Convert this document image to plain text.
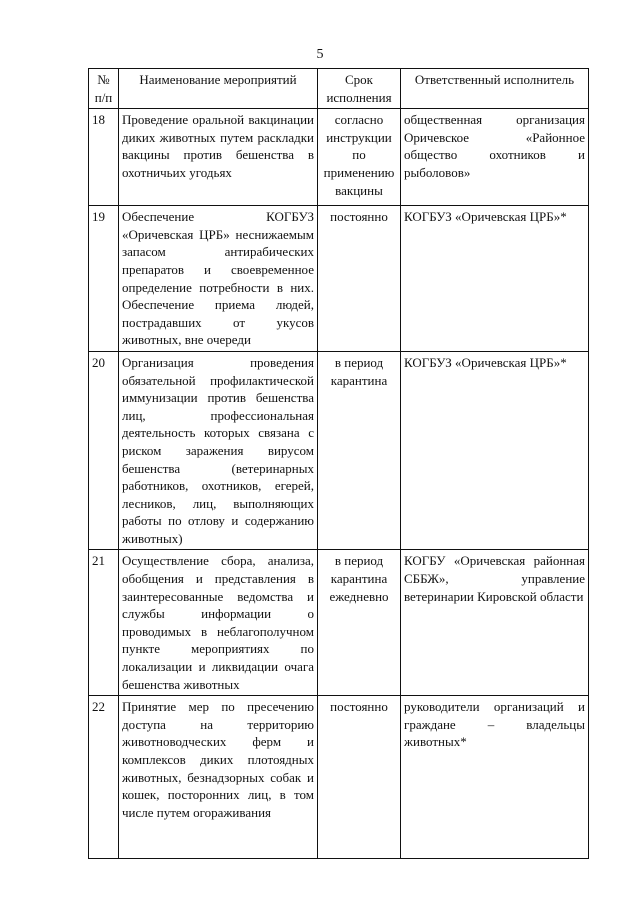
5
№ п/п	Наименование мероприятий	Срок исполнения	Ответственный исполнитель
18	Проведение оральной вакцинации диких животных путем раскладки вакцины против бешенства в охотничьих угодьях	согласно инструкции по применению вакцины	общественная организация Оричевское «Районное общество охотников и рыболовов»
19	Обеспечение КОГБУЗ «Оричевская ЦРБ» неснижаемым запасом антирабических препаратов и своевременное определение потребности в них. Обеспечение приема людей, пострадавших от укусов животных, вне очереди	постоянно	КОГБУЗ «Оричевская ЦРБ»*
20	Организация проведения обязательной профилактической иммунизации против бешенства лиц, профессиональная деятельность которых связана с риском заражения вирусом бешенства (ветеринарных работников, охотников, егерей, лесников, лиц, выполняющих работы по отлову и содержанию животных)	в период карантина	КОГБУЗ «Оричевская ЦРБ»*
21	Осуществление сбора, анализа, обобщения и представления в заинтересованные ведомства и службы информации о проводимых в неблагополучном пункте мероприятиях по локализации и ликвидации очага бешенства животных	в период карантина ежедневно	КОГБУ «Оричевская районная СББЖ», управление ветеринарии Кировской области
22	Принятие мер по пресечению доступа на территорию животноводческих ферм и комплексов диких плотоядных животных, безнадзорных собак и кошек, посторонних лиц, в том числе путем огораживания	постоянно	руководители организаций и граждане – владельцы животных*
